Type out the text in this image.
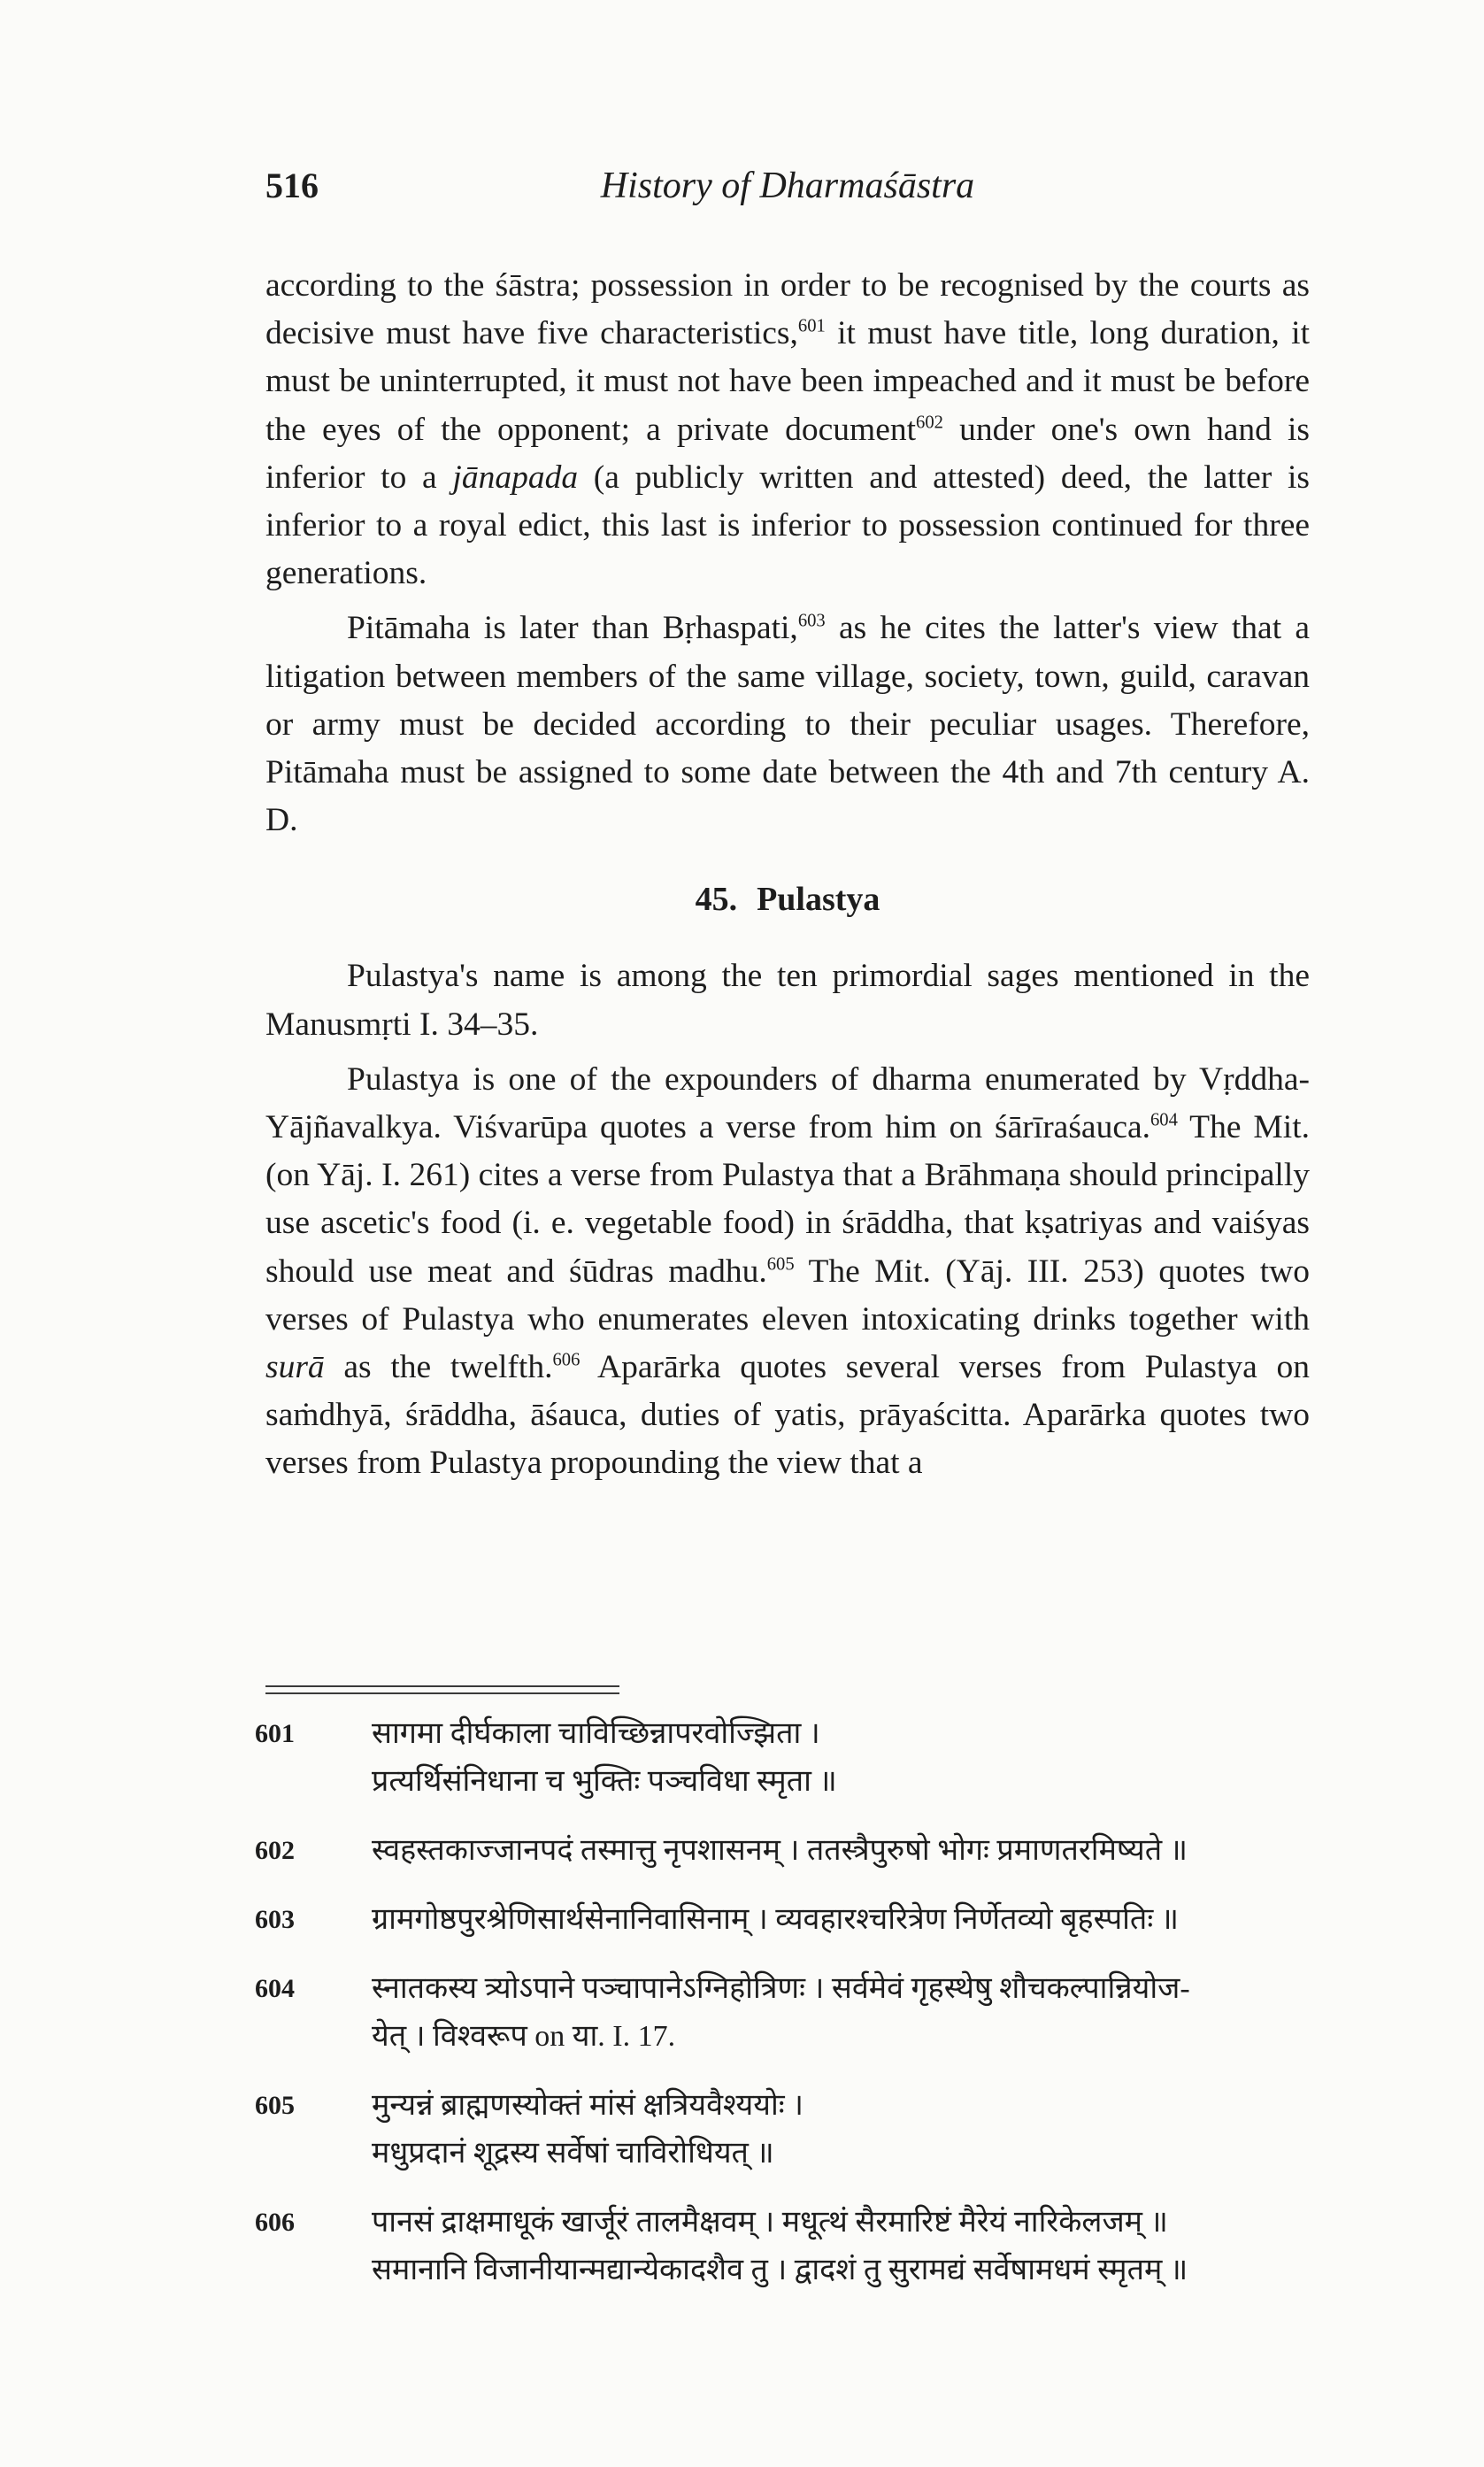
516	History of Dharmaśāstra

according to the śāstra; possession in order to be recognised by the courts as decisive must have five characteristics,$^{601}$ it must have title, long duration, it must be uninterrupted, it must not have been impeached and it must be before the eyes of the opponent; a private document$^{602}$ under one's own hand is inferior to a jānapada (a publicly written and attested) deed, the latter is inferior to a royal edict, this last is inferior to possession continued for three generations.

Pitāmaha is later than Bṛhaspati,$^{603}$ as he cites the latter's view that a litigation between members of the same village, society, town, guild, caravan or army must be decided according to their peculiar usages. Therefore, Pitāmaha must be assigned to some date between the 4th and 7th century A. D.

45. Pulastya

Pulastya's name is among the ten primordial sages mentioned in the Manusmṛti I. 34–35.

Pulastya is one of the expounders of dharma enumerated by Vṛddha-Yājñavalkya. Viśvarūpa quotes a verse from him on śārīraśauca.$^{604}$ The Mit. (on Yāj. I. 261) cites a verse from Pulastya that a Brāhmaṇa should principally use ascetic's food (i. e. vegetable food) in śrāddha, that kṣatriyas and vaiśyas should use meat and śūdras madhu.$^{605}$ The Mit. (Yāj. III. 253) quotes two verses of Pulastya who enumerates eleven intoxicating drinks together with surā as the twelfth.$^{606}$ Aparārka quotes several verses from Pulastya on saṁdhyā, śrāddha, āśauca, duties of yatis, prāyaścitta. Aparārka quotes two verses from Pulastya propounding the view that a

601	सागमा दीर्घकाला चाविच्छिन्नापरवोज्झिता ।
प्रत्यर्थिसंनिधाना च भुक्तिः पञ्चविधा स्मृता ॥
602	स्वहस्तकाज्जानपदं तस्मात्तु नृपशासनम् । ततस्त्रैपुरुषो भोगः प्रमाणतरमिष्यते ॥
603	ग्रामगोष्ठपुरश्रेणिसार्थसेनानिवासिनाम् । व्यवहारश्चरित्रेण निर्णेतव्यो बृहस्पतिः ॥
604	स्नातकस्य त्र्योऽपाने पञ्चापानेऽग्निहोत्रिणः । सर्वमेवं गृहस्थेषु शौचकल्पान्नियोज-
येत् । विश्वरूप on या. I. 17.
605	मुन्यन्नं ब्राह्मणस्योक्तं मांसं क्षत्रियवैश्ययोः ।
मधुप्रदानं शूद्रस्य सर्वेषां चाविरोधियत् ॥
606	पानसं द्राक्षमाधूकं खार्जूरं तालमैक्षवम् । मधूत्थं सैरमारिष्टं मैरेयं नारिकेलजम् ॥
समानानि विजानीयान्मद्यान्येकादशैव तु । द्वादशं तु सुरामद्यं सर्वेषामधमं स्मृतम् ॥
